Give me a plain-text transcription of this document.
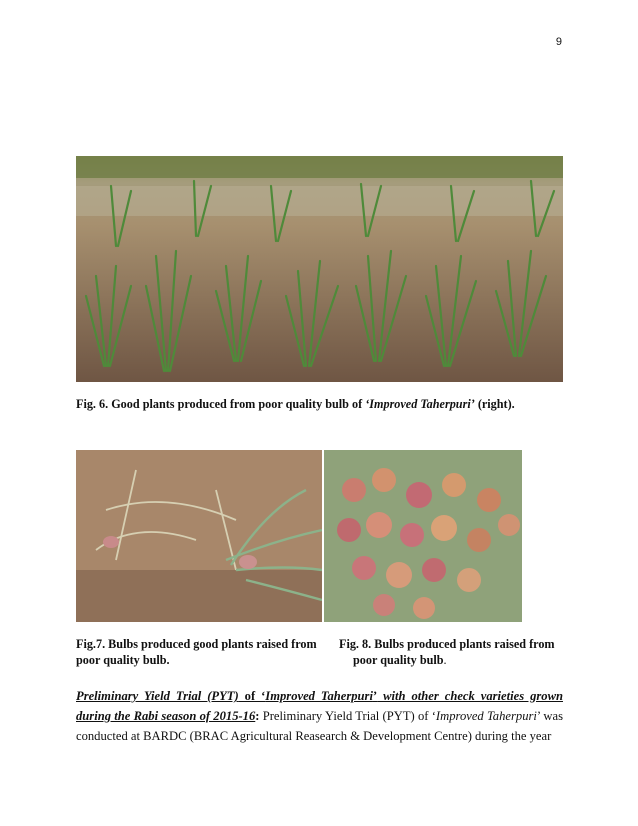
9
Fig. 6. Good plants produced from poor quality bulb of ‘Improved Taherpuri’ (right).
Fig.7. Bulbs produced good plants raised from
poor quality bulb.
Fig. 8. Bulbs produced plants raised from
poor quality bulb.
Preliminary Yield Trial (PYT) of ‘Improved Taherpuri’ with other check varieties grown during the Rabi season of 2015-16: Preliminary Yield Trial (PYT) of ‘Improved Taherpuri’ was conducted at BARDC (BRAC Agricultural Reasearch & Development Centre) during the year
